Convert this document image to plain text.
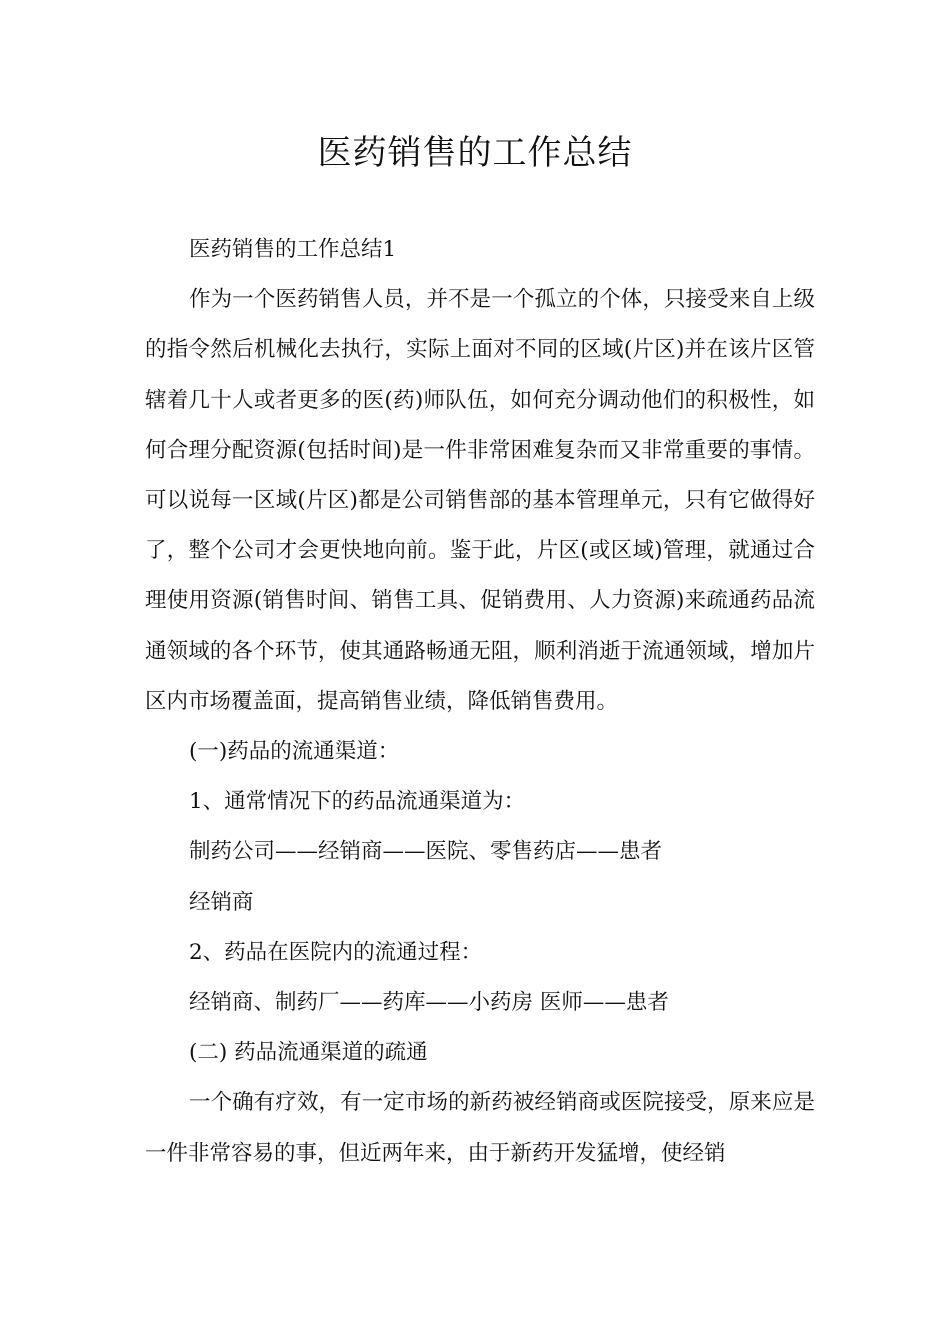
医药销售的工作总结

医药销售的工作总结1

作为一个医药销售人员，并不是一个孤立的个体，只接受来自上级的指令然后机械化去执行，实际上面对不同的区域(片区)并在该片区管辖着几十人或者更多的医(药)师队伍，如何充分调动他们的积极性，如何合理分配资源(包括时间)是一件非常困难复杂而又非常重要的事情。可以说每一区域(片区)都是公司销售部的基本管理单元，只有它做得好了，整个公司才会更快地向前。鉴于此，片区(或区域)管理，就通过合理使用资源(销售时间、销售工具、促销费用、人力资源)来疏通药品流通领域的各个环节，使其通路畅通无阻，顺利消逝于流通领域，增加片区内市场覆盖面，提高销售业绩，降低销售费用。

(一)药品的流通渠道：

1、通常情况下的药品流通渠道为：

制药公司——经销商——医院、零售药店——患者

经销商

2、药品在医院内的流通过程：

经销商、制药厂——药库——小药房 医师——患者

(二) 药品流通渠道的疏通

一个确有疗效，有一定市场的新药被经销商或医院接受，原来应是一件非常容易的事，但近两年来，由于新药开发猛增，使经销
